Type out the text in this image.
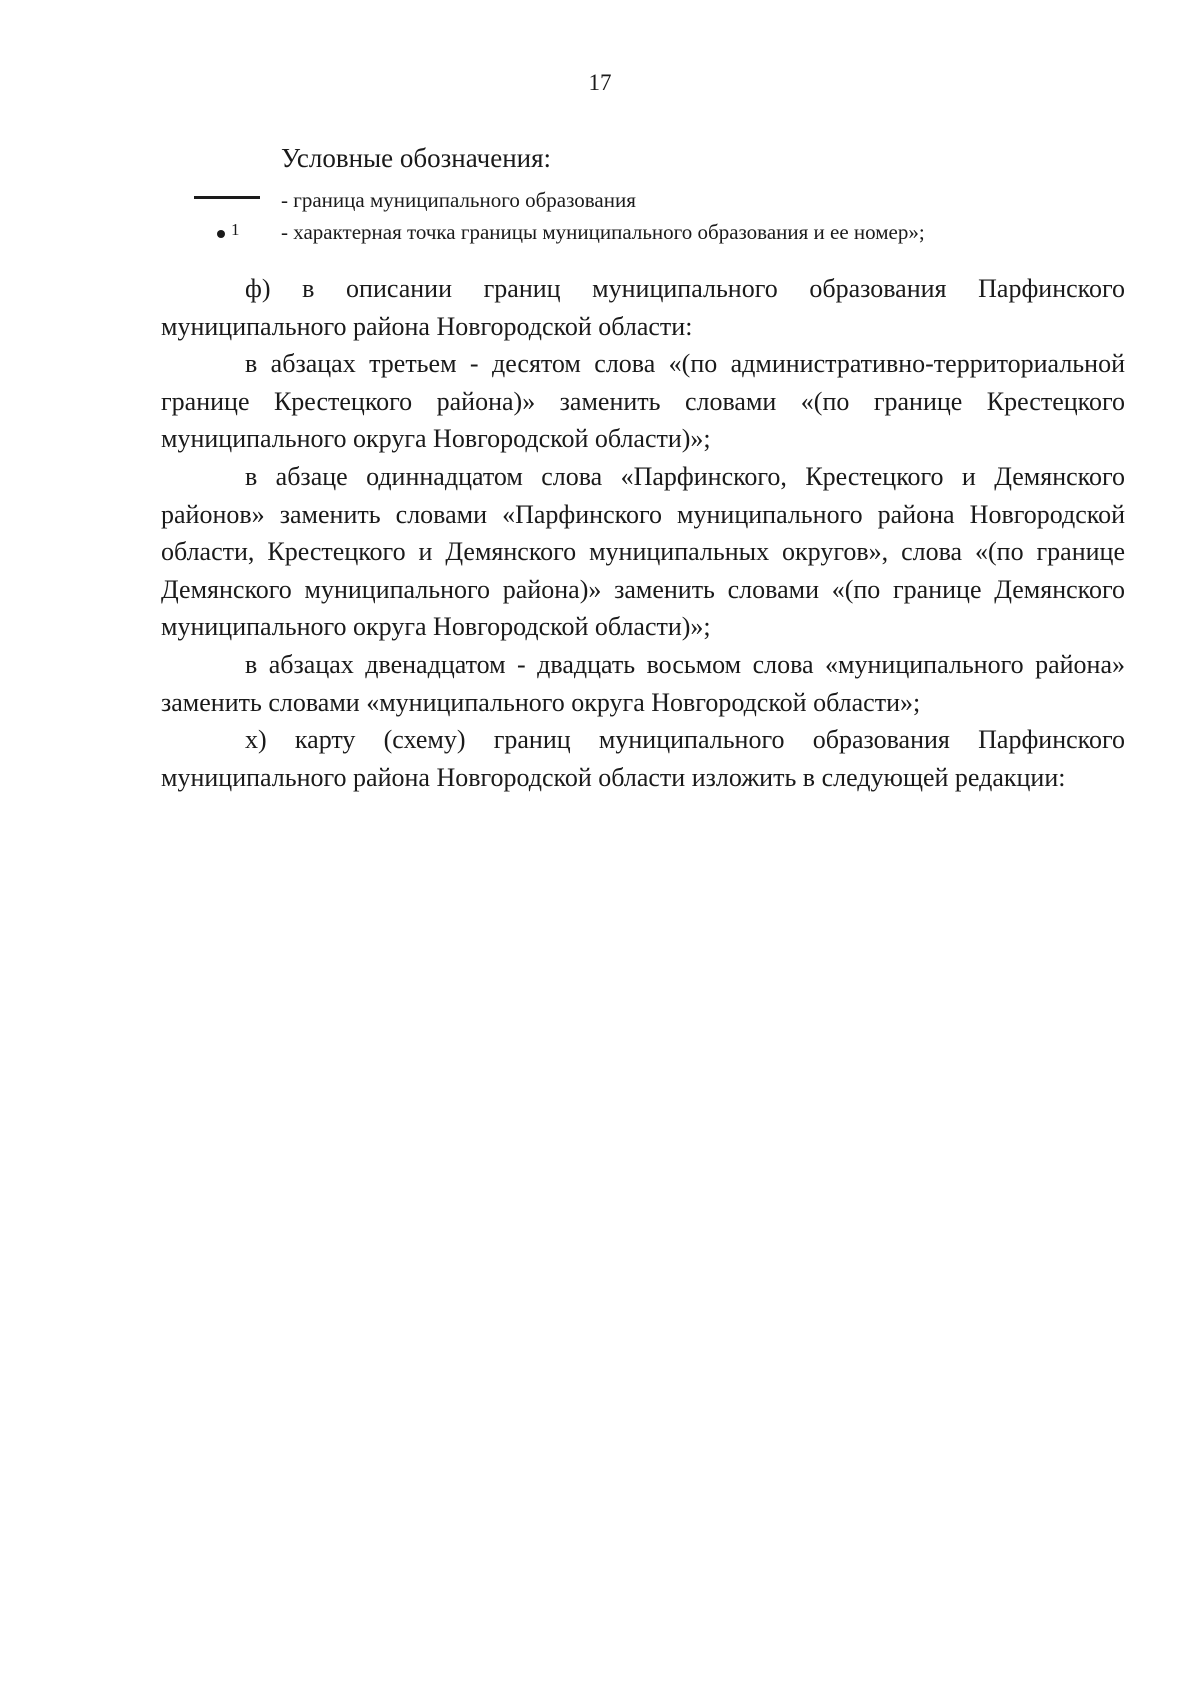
17
Условные обозначения:
- граница муниципального образования
1 - характерная точка границы муниципального образования и ее номер»;

ф) в описании границ муниципального образования Парфинского муниципального района Новгородской области:

в абзацах третьем - десятом слова «(по административно-территориальной границе Крестецкого района)» заменить словами «(по границе Крестецкого муниципального округа Новгородской области)»;

в абзаце одиннадцатом слова «Парфинского, Крестецкого и Демянского районов» заменить словами «Парфинского муниципального района Новгородской области, Крестецкого и Демянского муниципальных округов», слова «(по границе Демянского муниципального района)» заменить словами «(по границе Демянского муниципального округа Новгородской области)»;

в абзацах двенадцатом - двадцать восьмом слова «муниципального района» заменить словами «муниципального округа Новгородской области»;

х) карту (схему) границ муниципального образования Парфинского муниципального района Новгородской области изложить в следующей редакции:
